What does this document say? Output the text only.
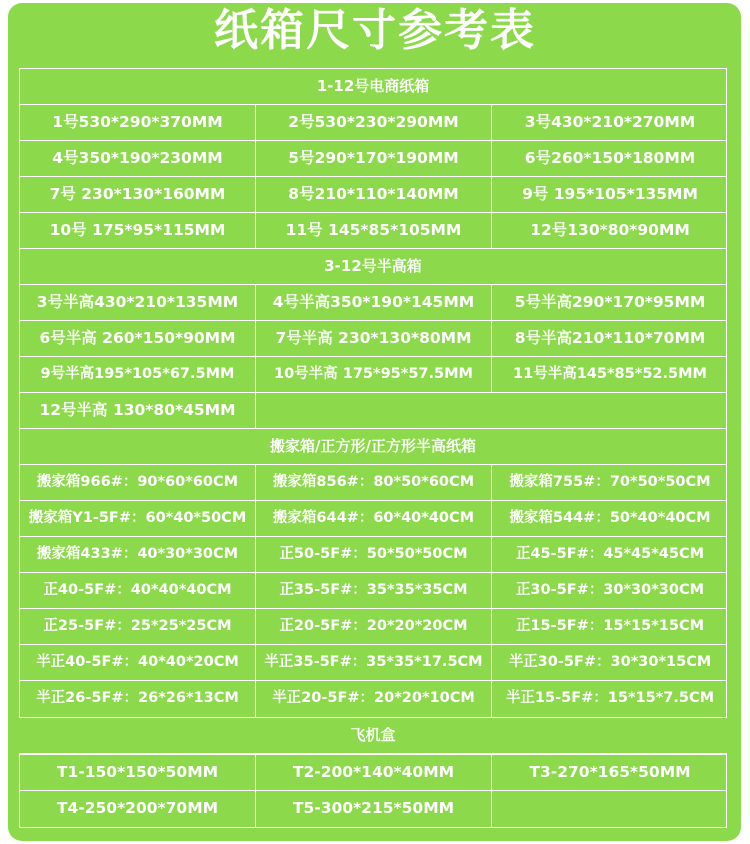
纸箱尺寸参考表
1-12号电商纸箱
1号530*290*370MM	2号530*230*290MM	3号430*210*270MM
4号350*190*230MM	5号290*170*190MM	6号260*150*180MM
7号 230*130*160MM	8号210*110*140MM	9号 195*105*135MM
10号 175*95*115MM	11号 145*85*105MM	12号130*80*90MM
3-12号半高箱
3号半高430*210*135MM	4号半高350*190*145MM	5号半高290*170*95MM
6号半高 260*150*90MM	7号半高 230*130*80MM	8号半高210*110*70MM
9号半高195*105*67.5MM	10号半高 175*95*57.5MM	11号半高145*85*52.5MM
12号半高 130*80*45MM
搬家箱/正方形/正方形半高纸箱
搬家箱966#：90*60*60CM	搬家箱856#：80*50*60CM	搬家箱755#：70*50*50CM
搬家箱Y1-5F#：60*40*50CM	搬家箱644#：60*40*40CM	搬家箱544#：50*40*40CM
搬家箱433#：40*30*30CM	正50-5F#：50*50*50CM	正45-5F#：45*45*45CM
正40-5F#：40*40*40CM	正35-5F#：35*35*35CM	正30-5F#：30*30*30CM
正25-5F#：25*25*25CM	正20-5F#：20*20*20CM	正15-5F#：15*15*15CM
半正40-5F#：40*40*20CM	半正35-5F#：35*35*17.5CM	半正30-5F#：30*30*15CM
半正26-5F#：26*26*13CM	半正20-5F#：20*20*10CM	半正15-5F#：15*15*7.5CM
飞机盒
T1-150*150*50MM	T2-200*140*40MM	T3-270*165*50MM
T4-250*200*70MM	T5-300*215*50MM
